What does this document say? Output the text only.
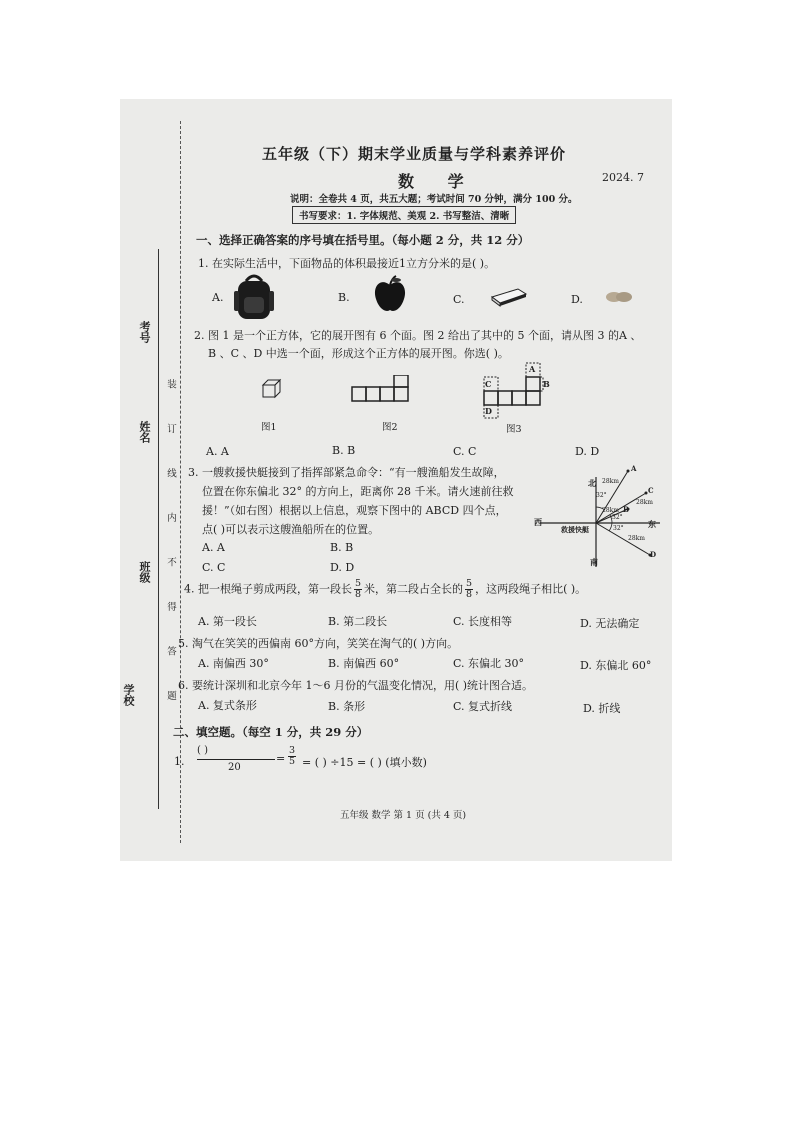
装 订 线 内 不 得 答 题
考号
姓名
班级
学校
五年级（下）期末学业质量与学科素养评价
数 学	2024. 7
说明：全卷共 4 页，共五大题；考试时间 70 分钟，满分 100 分。
书写要求：1. 字体规范、美观 2. 书写整洁、清晰
一、选择正确答案的序号填在括号里。（每小题 2 分，共 12 分）
1. 在实际生活中，下面物品的体积最接近1立方分米的是( )。
A.	B.	C.	D.
2. 图 1 是一个正方体，它的展开图有 6 个面。图 2 给出了其中的 5 个面，请从图 3 的A 、
B 、C 、D 中选一个面，形成这个正方体的展开图。你选( )。
图1	图2
C
D
A
B
图3
A. A	B. B	C. C	D. D
3. 一艘救援快艇接到了指挥部紧急命令：“有一艘渔船发生故障，
位置在你东偏北 32° 的方向上，距离你 28 千米。请火速前往救
援！”（如右图）根据以上信息，观察下图中的 ABCD 四个点，
点( )可以表示这艘渔船所在的位置。
A. A	B. B
C. C	D. D
北
南
东
西
救援快艇
A
C
B
D
32°
32°
32°
28km
28km
28km
28km
4. 把一根绳子剪成两段，第一段长 $\frac{5}{8}$ 米，第二段占全长的 $\frac{5}{8}$ ，这两段绳子相比( )。
A. 第一段长	B. 第二段长	C. 长度相等	D. 无法确定
5. 淘气在笑笑的西偏南 60°方向，笑笑在淘气的( )方向。
A. 南偏西 30°	B. 南偏西 60°	C. 东偏北 30°	D. 东偏北 60°
6. 要统计深圳和北京今年 1～6 月份的气温变化情况，用( )统计图合适。
A. 复式条形	B. 条形	C. 复式折线	D. 折线
二、填空题。（每空 1 分，共 29 分）
1.
( )
20
= $\frac{3}{5}$ = ( ) ÷15 = ( ) (填小数)
五年级 数学 第 1 页 (共 4 页)
